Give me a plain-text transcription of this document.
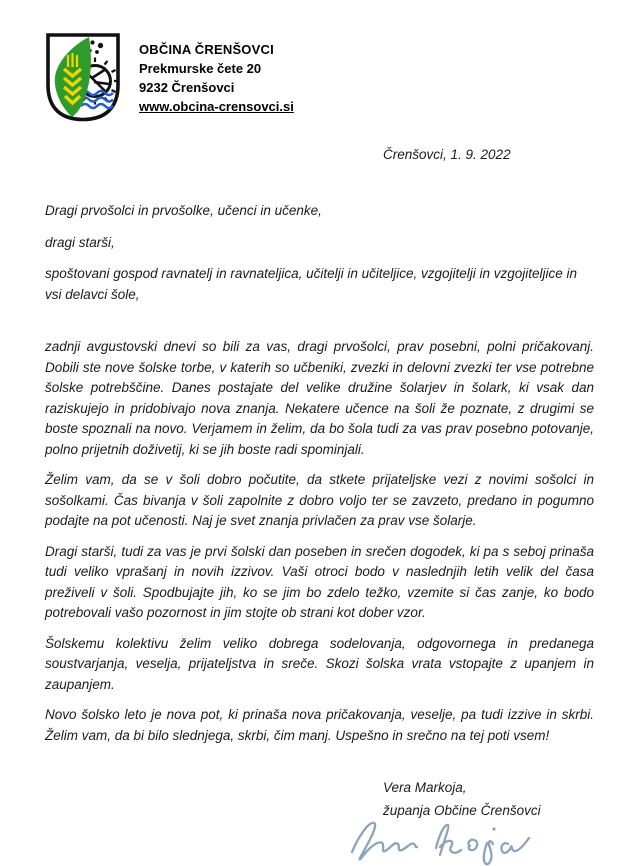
OBČINA ČRENŠOVCI
Prekmurske čete 20
9232 Črenšovci
www.obcina-crensovci.si
Črenšovci, 1. 9. 2022

Dragi prvošolci in prvošolke, učenci in učenke,

dragi starši,

spoštovani gospod ravnatelj in ravnateljica, učitelji in učiteljice, vzgojitelji in vzgojiteljice in vsi delavci šole,

zadnji avgustovski dnevi so bili za vas, dragi prvošolci, prav posebni, polni pričakovanj. Dobili ste nove šolske torbe, v katerih so učbeniki, zvezki in delovni zvezki ter vse potrebne šolske potrebščine. Danes postajate del velike družine šolarjev in šolark, ki vsak dan raziskujejo in pridobivajo nova znanja. Nekatere učence na šoli že poznate, z drugimi se boste spoznali na novo. Verjamem in želim, da bo šola tudi za vas prav posebno potovanje, polno prijetnih doživetij, ki se jih boste radi spominjali.

Želim vam, da se v šoli dobro počutite, da stkete prijateljske vezi z novimi sošolci in sošolkami. Čas bivanja v šoli zapolnite z dobro voljo ter se zavzeto, predano in pogumno podajte na pot učenosti. Naj je svet znanja privlačen za prav vse šolarje.

Dragi starši, tudi za vas je prvi šolski dan poseben in srečen dogodek, ki pa s seboj prinaša tudi veliko vprašanj in novih izzivov. Vaši otroci bodo v naslednjih letih velik del časa preživeli v šoli. Spodbujajte jih, ko se jim bo zdelo težko, vzemite si čas zanje, ko bodo potrebovali vašo pozornost in jim stojte ob strani kot dober vzor.

Šolskemu kolektivu želim veliko dobrega sodelovanja, odgovornega in predanega soustvarjanja, veselja, prijateljstva in sreče. Skozi šolska vrata vstopajte z upanjem in zaupanjem.

Novo šolsko leto je nova pot, ki prinaša nova pričakovanja, veselje, pa tudi izzive in skrbi. Želim vam, da bi bilo slednjega, skrbi, čim manj. Uspešno in srečno na tej poti vsem!

Vera Markoja,
županja Občine Črenšovci
